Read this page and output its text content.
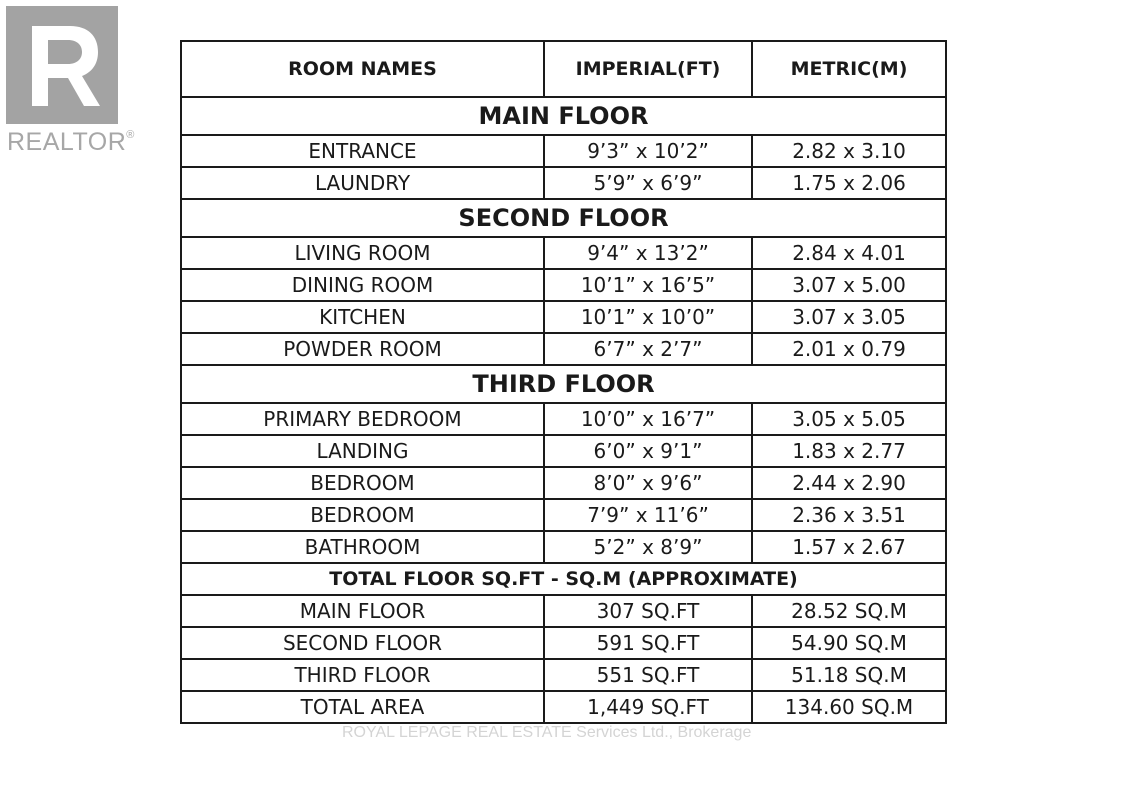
REALTOR®
ROOM NAMES	IMPERIAL(FT)	METRIC(M)
MAIN FLOOR		
ENTRANCE	9’3” x 10’2”	2.82 x 3.10
LAUNDRY	5’9” x 6’9”	1.75 x 2.06
SECOND FLOOR		
LIVING ROOM	9’4” x 13’2”	2.84 x 4.01
DINING ROOM	10’1” x 16’5”	3.07 x 5.00
KITCHEN	10’1” x 10’0”	3.07 x 3.05
POWDER ROOM	6’7” x 2’7”	2.01 x 0.79
THIRD FLOOR		
PRIMARY BEDROOM	10’0” x 16’7”	3.05 x 5.05
LANDING	6’0” x 9’1”	1.83 x 2.77
BEDROOM	8’0” x 9’6”	2.44 x 2.90
BEDROOM	7’9” x 11’6”	2.36 x 3.51
BATHROOM	5’2” x 8’9”	1.57 x 2.67
TOTAL FLOOR SQ.FT - SQ.M (APPROXIMATE)		
MAIN FLOOR	307 SQ.FT	28.52 SQ.M
SECOND FLOOR	591 SQ.FT	54.90 SQ.M
THIRD FLOOR	551 SQ.FT	51.18 SQ.M
TOTAL AREA	1,449 SQ.FT	134.60 SQ.M
ROYAL LEPAGE REAL ESTATE Services Ltd., Brokerage
